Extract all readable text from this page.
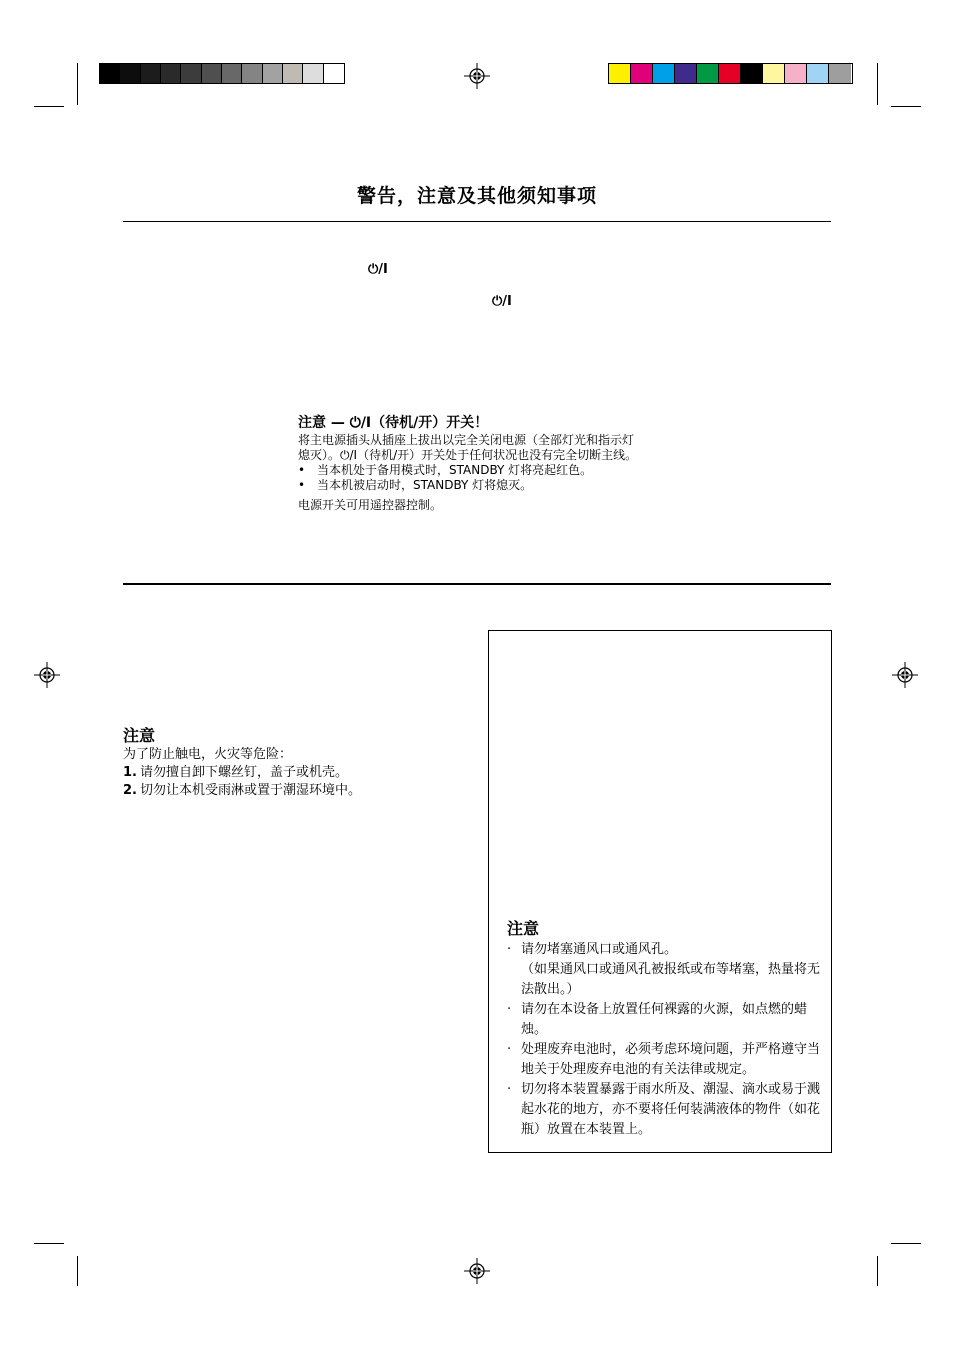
警告，注意及其他须知事项
⏻/I
⏻/I
注意 — ⏻/I（待机/开）开关！

将主电源插头从插座上拔出以完全关闭电源（全部灯光和指示灯熄灭）。⏻/I（待机/开）开关处于任何状况也没有完全切断主线。

• 当本机处于备用模式时，STANDBY 灯将亮起红色。
• 当本机被启动时，STANDBY 灯将熄灭。

电源开关可用遥控器控制。

注意

为了防止触电，火灾等危险：

1. 请勿擅自卸下螺丝钉，盖子或机壳。

2. 切勿让本机受雨淋或置于潮湿环境中。

注意
· 请勿堵塞通风口或通风孔。
（如果通风口或通风孔被报纸或布等堵塞，热量将无法散出。）
· 请勿在本设备上放置任何裸露的火源，如点燃的蜡烛。
· 处理废弃电池时，必须考虑环境问题，并严格遵守当地关于处理废弃电池的有关法律或规定。
· 切勿将本装置暴露于雨水所及、潮湿、滴水或易于溅起水花的地方，亦不要将任何装满液体的物件（如花瓶）放置在本装置上。
